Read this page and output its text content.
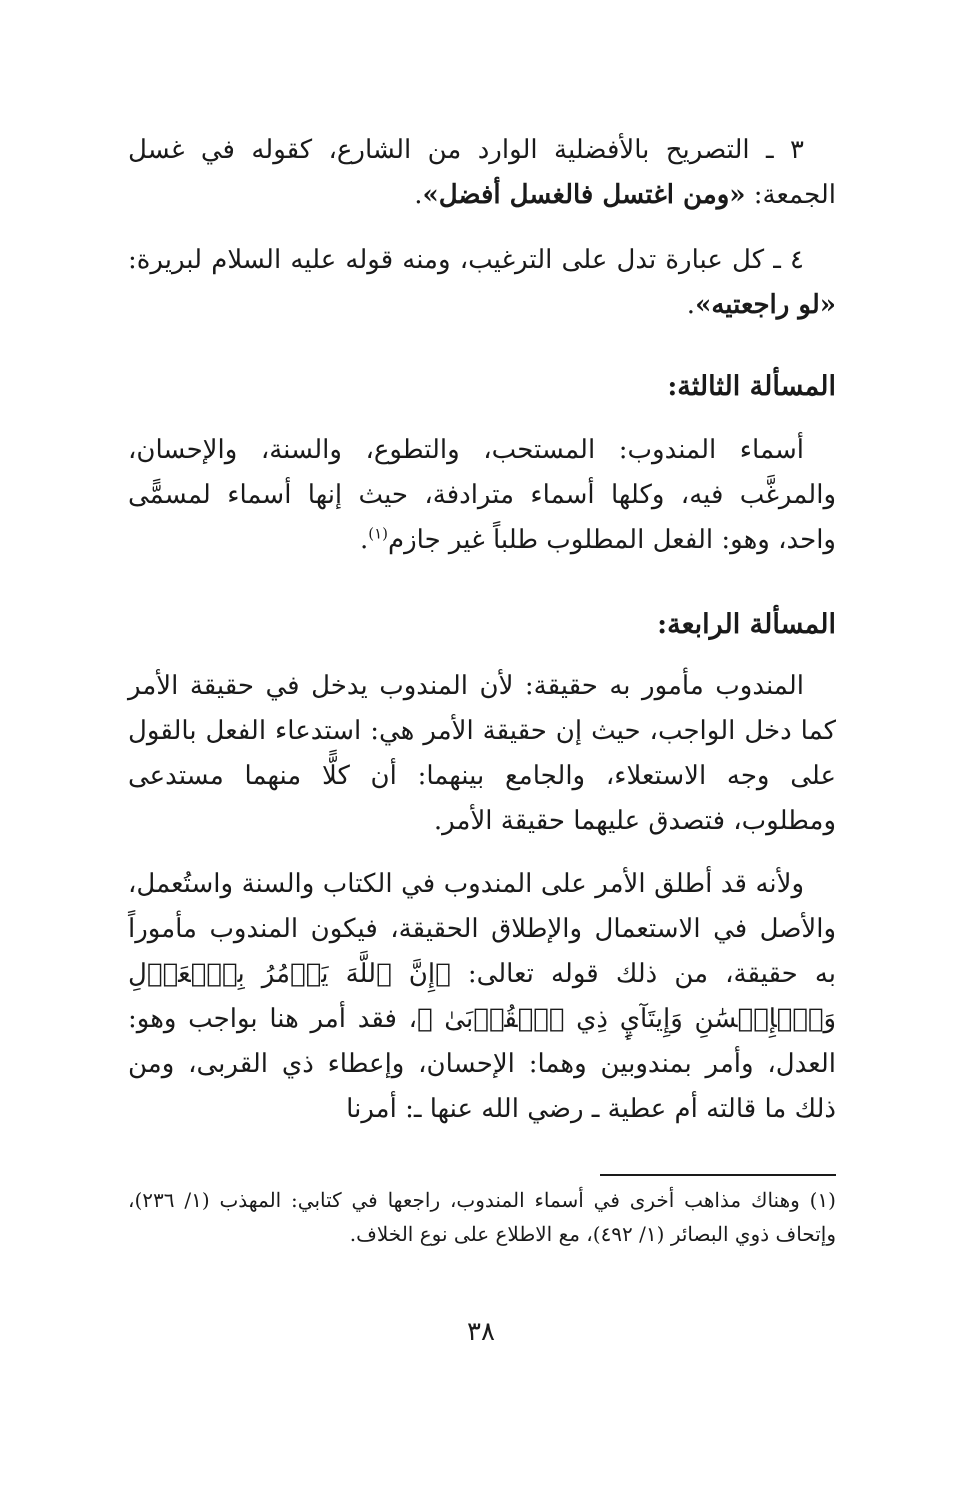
٣ ـ التصريح بالأفضلية الوارد من الشارع، كقوله في غسل الجمعة: «ومن اغتسل فالغسل أفضل».

٤ ـ كل عبارة تدل على الترغيب، ومنه قوله عليه السلام لبريرة: «لو راجعتيه».

المسألة الثالثة:

أسماء المندوب: المستحب، والتطوع، والسنة، والإحسان، والمرغَّب فيه، وكلها أسماء مترادفة، حيث إنها أسماء لمسمًّى واحد، وهو: الفعل المطلوب طلباً غير جازم$^{(١)}$.

المسألة الرابعة:

المندوب مأمور به حقيقة: لأن المندوب يدخل في حقيقة الأمر كما دخل الواجب، حيث إن حقيقة الأمر هي: استدعاء الفعل بالقول على وجه الاستعلاء، والجامع بينهما: أن كلًّا منهما مستدعى ومطلوب، فتصدق عليهما حقيقة الأمر.

ولأنه قد أطلق الأمر على المندوب في الكتاب والسنة واستُعمل، والأصل في الاستعمال والإطلاق الحقيقة، فيكون المندوب مأموراً به حقيقة، من ذلك قوله تعالى: ﴿إِنَّ ٱللَّهَ يَأۡمُرُ بِٱلۡعَدۡلِ وَٱلۡإِحۡسَٰنِ وَإِيتَآيِٕ ذِي ٱلۡقُرۡبَىٰ ﴾، فقد أمر هنا بواجب وهو: العدل، وأمر بمندوبين وهما: الإحسان، وإعطاء ذي القربى، ومن ذلك ما قالته أم عطية ـ رضي الله عنها ـ: أمرنا

(١) وهناك مذاهب أخرى في أسماء المندوب، راجعها في كتابي: المهذب (١/ ٢٣٦)، وإتحاف ذوي البصائر (١/ ٤٩٢)، مع الاطلاع على نوع الخلاف.

٣٨
